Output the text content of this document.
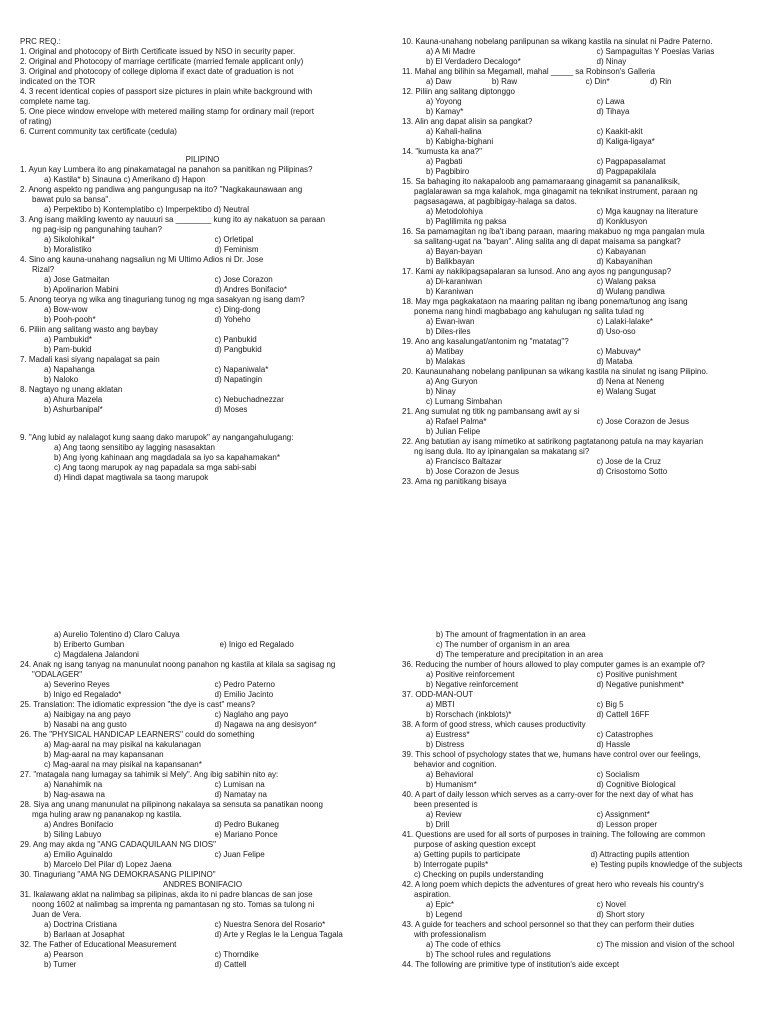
PRC REQ.:
1. Original and photocopy of Birth Certificate issued by NSO in security paper.
2. Original and Photocopy of marriage certificate (married female applicant only)
3. Original and photocopy of college diploma if exact date of graduation is not
indicated on the TOR
4. 3 recent identical copies of passport size pictures in plain white background with
complete name tag.
5. One piece window envelope with metered mailing stamp for ordinary mail (report
of rating)
6. Current community tax certificate (cedula)
PILIPINO
1. Ayun kay Lumbera ito ang pinakamatagal na panahon sa panitikan ng Pilipinas?
a) Kastila* b) Sinauna c) Amerikano d) Hapon
2. Anong aspekto ng pandiwa ang pangungusap na ito? "Nagkakaunawaan ang
bawat pulo sa bansa".
a) Perpektibo b) Kontemplatibo c) Imperpektibo d) Neutral
3. Ang isang maikling kwento ay nauuuri sa ________ kung ito ay nakatuon sa paraan
ng pag-isip ng pangunahing tauhan?
a) Sikolohikal*	c) Orletipal
b) Moralistiko	d) Feminism
4. Sino ang kauna-unahang nagsaliun ng Mi Ultimo Adios ni Dr. Jose
Rizal?
a) Jose Gatmaitan	c) Jose Corazon
b) Apolinarion Mabini	d) Andres Bonifacio*
5. Anong teorya ng wika ang tinaguriang tunog ng mga sasakyan ng isang dam?
a) Bow-wow	c) Ding-dong
b) Pooh-pooh*	d) Yoheho
6. Piliin ang salitang wasto ang baybay
a) Pambukid*	c) Panbukid
b) Pam-bukid	d) Pangbukid
7. Madali kasi siyang napalagat sa pain
a) Napahanga	c) Napaniwala*
b) Naloko	d) Napatingin
8. Nagtayo ng unang aklatan
a) Ahura Mazela	c) Nebuchadnezzar
b) Ashurbanipal*	d) Moses
9. "Ang lubid ay nalalagot kung saang dako marupok" ay nangangahulugang:
a) Ang taong sensitibo ay lagging nasasaktan
b) Ang iyong kahinaan ang magdadala sa iyo sa kapahamakan*
c) Ang taong marupok ay nag papadala sa mga sabi-sabi
d) Hindi dapat magtiwala sa taong marupok
10. Kauna-unahang nobelang panlipunan sa wikang kastila na sinulat ni Padre Paterno.
a) A Mi Madre	c) Sampaguitas Y Poesias Varias
b) El Verdadero Decalogo*	d) Ninay
11. Mahal ang bilihin sa Megamall, mahal _____ sa Robinson's Galleria
a) Daw	b) Raw	c) Din*	d) Rin
12. Piliin ang salitang diptonggo
a) Yoyong	c) Lawa
b) Kamay*	d) Tihaya
13. Alin ang dapat alisin sa pangkat?
a) Kahali-halina	c) Kaakit-akit
b) Kabigha-bighani	d) Kaliga-ligaya*
14. "kumusta ka ana?"
a) Pagbati	c) Pagpapasalamat
b) Pagbibiro	d) Pagpapakilala
15. Sa bahaging ito nakapaloob ang pamamaraang ginagamit sa pananaliksik,
paglalarawan sa mga kalahok, mga ginagamit na teknikat instrument, paraan ng
pagsasagawa, at pagbibigay-halaga sa datos.
a) Metodolohiya	c) Mga kaugnay na literature
b) Paglilimita ng paksa	d) Konklusyon
16. Sa pamamagitan ng iba't ibang paraan, maaring makabuo ng mga pangalan mula
sa salitang-ugat na "bayan". Aling salita ang di dapat maisama sa pangkat?
a) Bayan-bayan	c) Kabayanan
b) Balikbayan	d) Kabayanihan
17. Kami ay nakikipagsapalaran sa lunsod. Ano ang ayos ng pangungusap?
a) Di-karaniwan	c) Walang paksa
b) Karaniwan	d) Wulang pandiwa
18. May mga pagkakataon na maaring palitan ng ibang ponema/tunog ang isang
ponema nang hindi magbabago ang kahulugan ng salita tulad ng
a) Ewan-iwan	c) Lalaki-lalake*
b) Diles-riles	d) Uso-oso
19. Ano ang kasalungat/antonim ng "matatag"?
a) Matibay	c) Mabuvay*
b) Malakas	d) Mataba
20. Kaunaunahang nobelang panlipunan sa wikang kastila na sinulat ng isang Pilipino.
a) Ang Guryon	d) Nena at Neneng
b) Ninay	e) Walang Sugat
c) Lumang Simbahan
21. Ang sumulat ng titik ng pambansang awit ay si
a) Rafael Palma*	c) Jose Corazon de Jesus
b) Julian Felipe
22. Ang batutian ay isang mimetiko at satirikong pagtatanong patula na may kayarian
ng isang dula. Ito ay ipinangalan sa makatang si?
a) Francisco Baltazar	c) Jose de la Cruz
b) Jose Corazon de Jesus	d) Crisostomo Sotto
23. Ama ng panitikang bisaya
a) Aurelio Tolentino d) Claro Caluya
b) Eriberto Gumban	e) Inigo ed Regalado
c) Magdalena Jalandoni
24. Anak ng isang tanyag na manunulat noong panahon ng kastila at kilala sa sagisag ng
"ODALAGER"
a) Severino Reyes	c) Pedro Paterno
b) Inigo ed Regalado*	d) Emilio Jacinto
25. Translation: The idiomatic expression "the dye is cast" means?
a) Naibigay na ang payo	c) Naglaho ang payo
b) Nasabi na ang gusto	d) Nagawa na ang desisyon*
26. The "PHYSICAL HANDICAP LEARNERS" could do something
a) Mag-aaral na may pisikal na kakulanagan
b) Mag-aaral na may kapansanan
c) Mag-aaral na may pisikal na kapansanan*
27. "matagala nang lumagay sa tahimik si Mely". Ang ibig sabihin nito ay:
a) Nanahimik na	c) Lumisan na
b) Nag-asawa na	d) Namatay na
28. Siya ang unang manunulat na pilipinong nakalaya sa sensuta sa panatikan noong
mga huling araw ng pananakop ng kastila.
a) Andres Bonifacio	d) Pedro Bukaneg
b) Siling Labuyo	e) Mariano Ponce
29. Ang may akda ng "ANG CADAQUILAAN NG DIOS"
a) Emilio Aguinaldo	c) Juan Felipe
b) Marcelo Del Pilar d) Lopez Jaena
30. Tinaguriang "AMA NG DEMOKRASANG PILIPINO"
ANDRES BONIFACIO
31. Ikalawang aklat na nalimbag sa pilipinas, akda ito ni padre blancas de san jose
noong 1602 at nalimbag sa imprenta ng pamantasan ng sto. Tomas sa tulong ni
Juan de Vera.
a) Doctrina Cristiana	c) Nuestra Senora del Rosario*
b) Barlaan at Josaphat	d) Arte y Reglas le la Lengua Tagala
32. The Father of Educational Measurement
a) Pearson	c) Thorndike
b) Turner	d) Cattell
b) The amount of fragmentation in an area
c) The number of organism in an area
d) The temperature and precipitation in an area
36. Reducing the number of hours allowed to play computer games is an example of?
a) Positive reinforcement	c) Positive punishment
b) Negative reinforcement	d) Negative punishment*
37. ODD-MAN-OUT
a) MBTI	c) Big 5
b) Rorschach (inkblots)*	d) Cattell 16FF
38. A form of good stress, which causes productivity
a) Eustress*	c) Catastrophes
b) Distress	d) Hassle
39. This school of psychology states that we, humans have control over our feelings,
behavior and cognition.
a) Behavioral	c) Socialism
b) Humanism*	d) Cognitive Biological
40. A part of daily lesson which serves as a carry-over for the next day of what has
been presented is
a) Review	c) Assignment*
b) Drill	d) Lesson proper
41. Questions are used for all sorts of purposes in training. The following are common
purpose of asking question except
a) Getting pupils to participate	d) Attracting pupils attention
b) Interrogate pupils*	e) Testing pupils knowledge of the subjects
c) Checking on pupils understanding
42. A long poem which depicts the adventures of great hero who reveals his country's
aspiration.
a) Epic*	c) Novel
b) Legend	d) Short story
43. A guide for teachers and school personnel so that they can perform their duties
with professionalism
a) The code of ethics	c) The mission and vision of the school
b) The school rules and regulations
44. The following are primitive type of institution's aide except
